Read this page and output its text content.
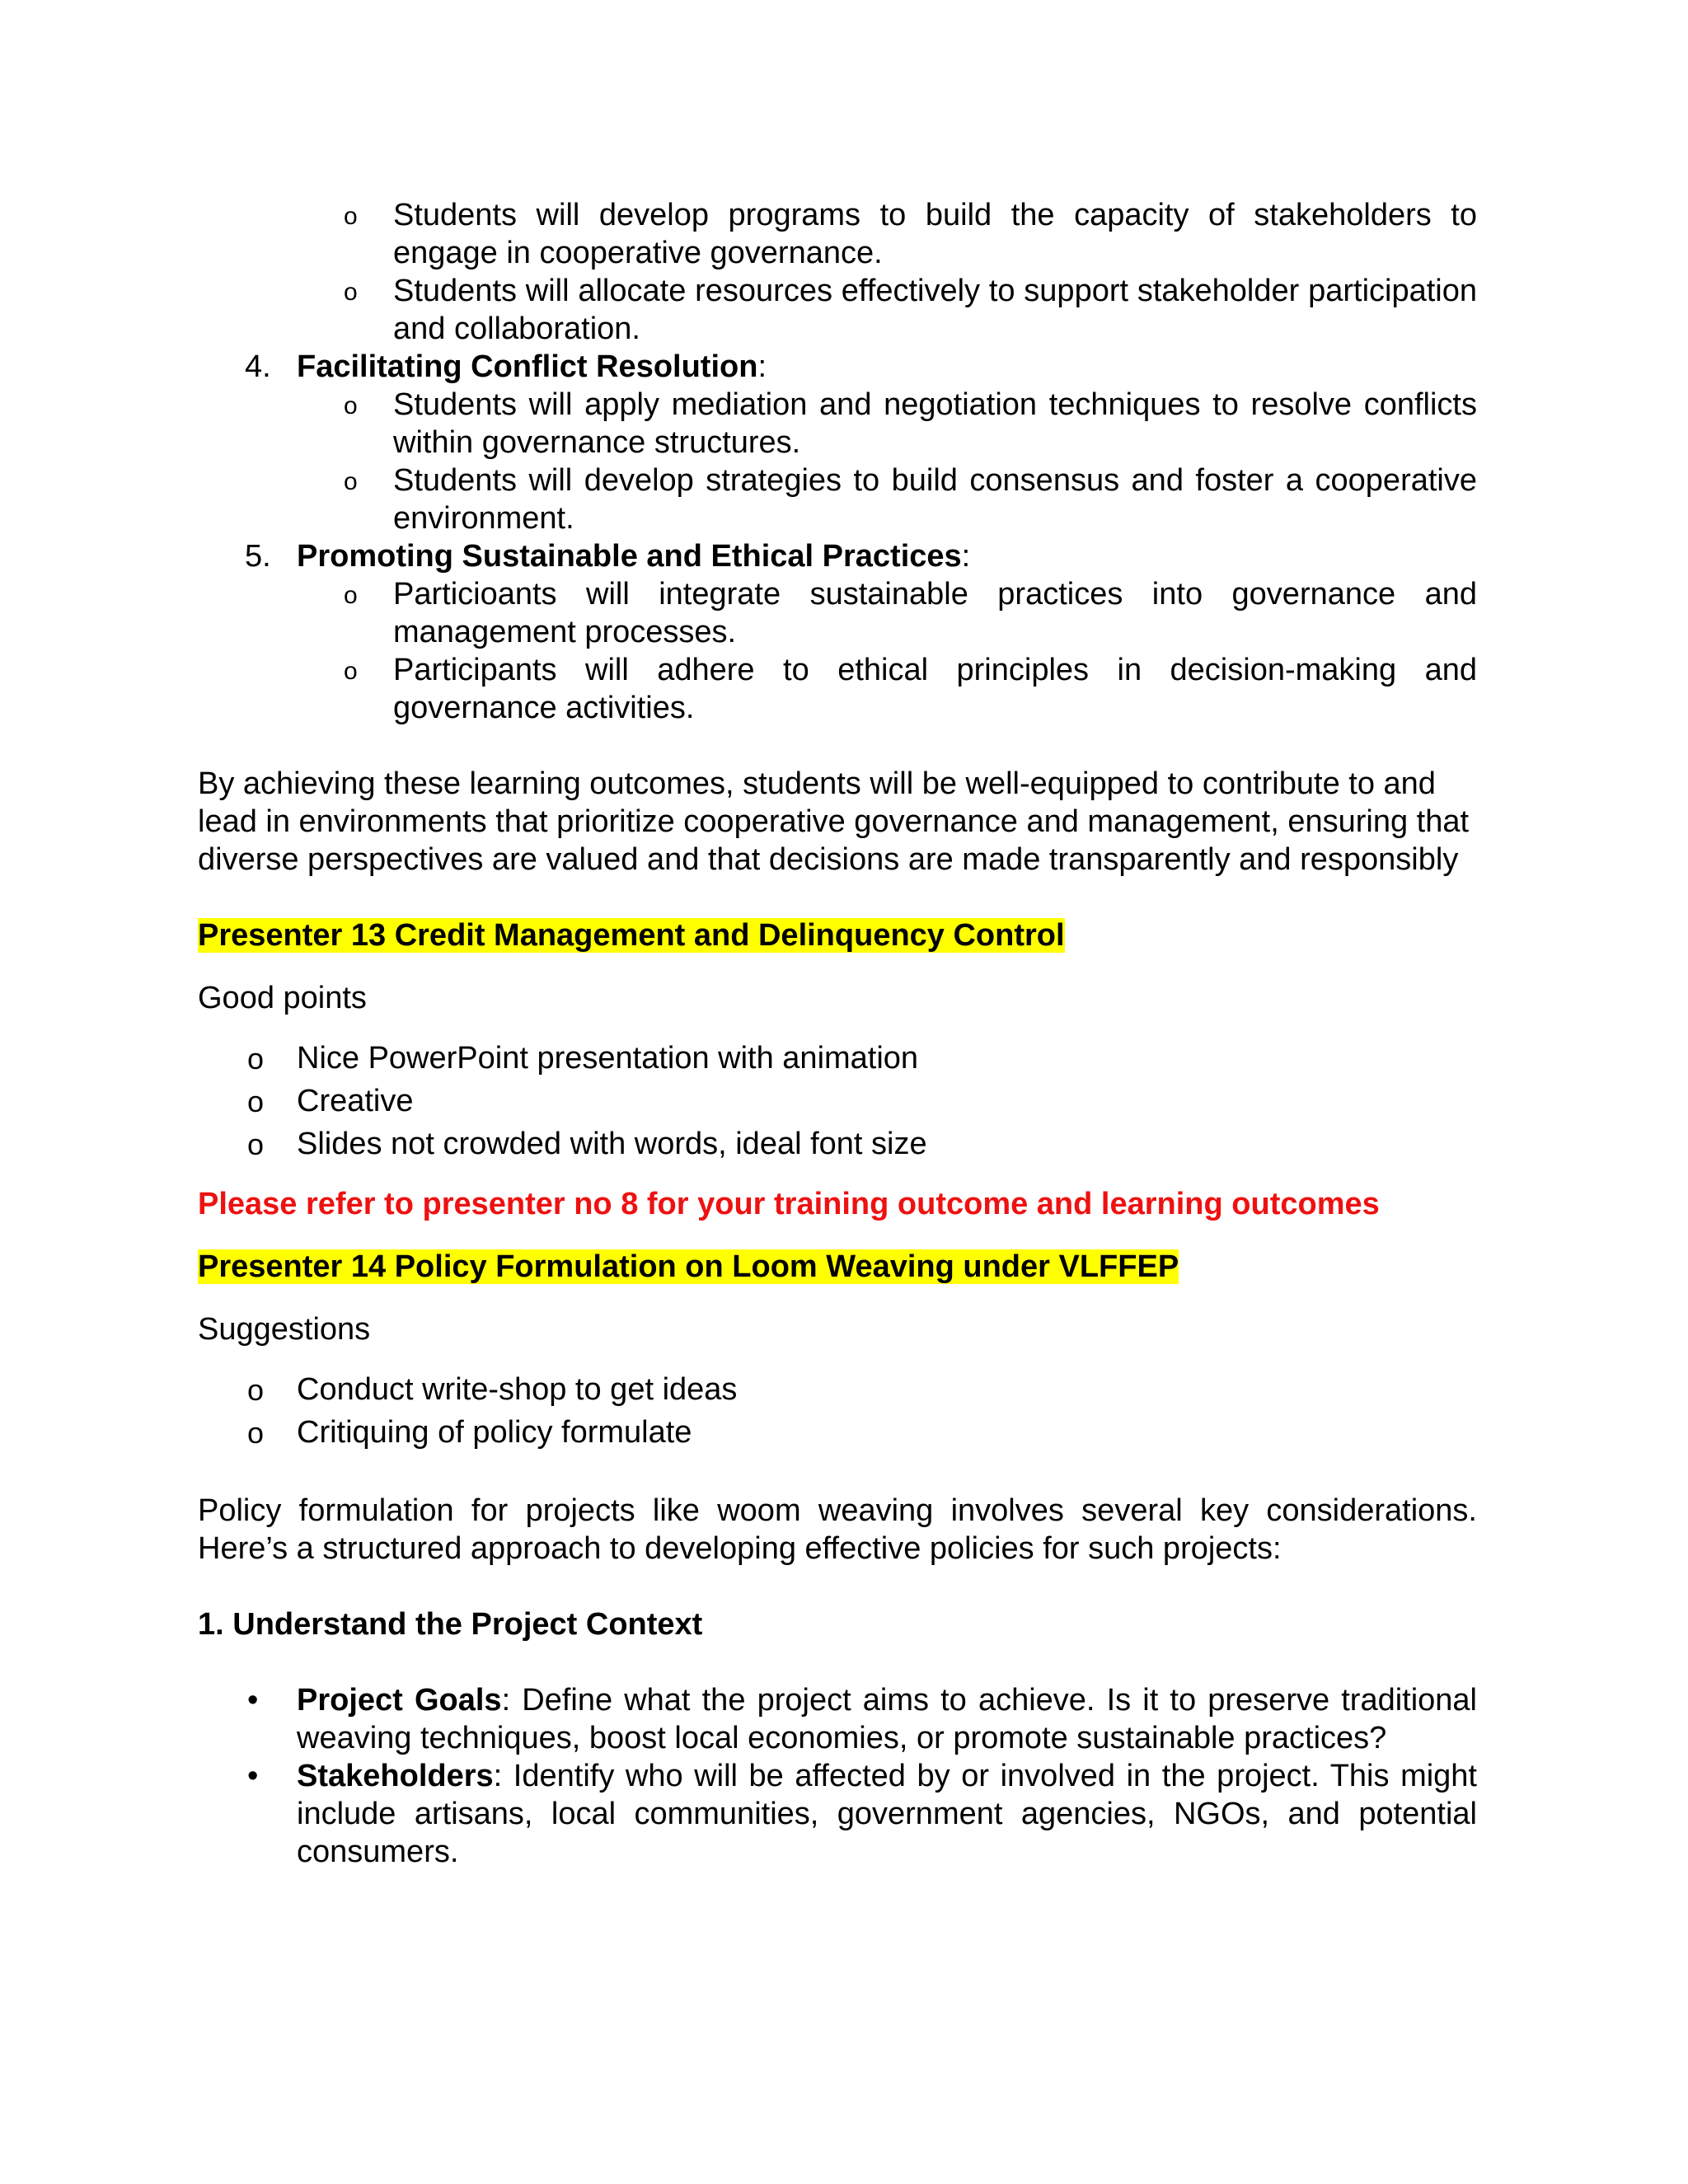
o Students will develop programs to build the capacity of stakeholders to engage in cooperative governance.
o Students will allocate resources effectively to support stakeholder participation and collaboration.
4. Facilitating Conflict Resolution:
o Students will apply mediation and negotiation techniques to resolve conflicts within governance structures.
o Students will develop strategies to build consensus and foster a cooperative environment.
5. Promoting Sustainable and Ethical Practices:
o Particioants will integrate sustainable practices into governance and management processes.
o Participants will adhere to ethical principles in decision-making and governance activities.
By achieving these learning outcomes, students will be well-equipped to contribute to and lead in environments that prioritize cooperative governance and management, ensuring that diverse perspectives are valued and that decisions are made transparently and responsibly
Presenter 13 Credit Management and Delinquency Control
Good points
o Nice PowerPoint presentation with animation
o Creative
o Slides not crowded with words, ideal font size
Please refer to presenter no 8 for your training outcome and learning outcomes
Presenter 14 Policy Formulation on Loom Weaving under VLFFEP
Suggestions
o Conduct write-shop to get ideas
o Critiquing of policy formulate
Policy formulation for projects like woom weaving involves several key considerations. Here’s a structured approach to developing effective policies for such projects:
1. Understand the Project Context
• Project Goals: Define what the project aims to achieve. Is it to preserve traditional weaving techniques, boost local economies, or promote sustainable practices?
• Stakeholders: Identify who will be affected by or involved in the project. This might include artisans, local communities, government agencies, NGOs, and potential consumers.
